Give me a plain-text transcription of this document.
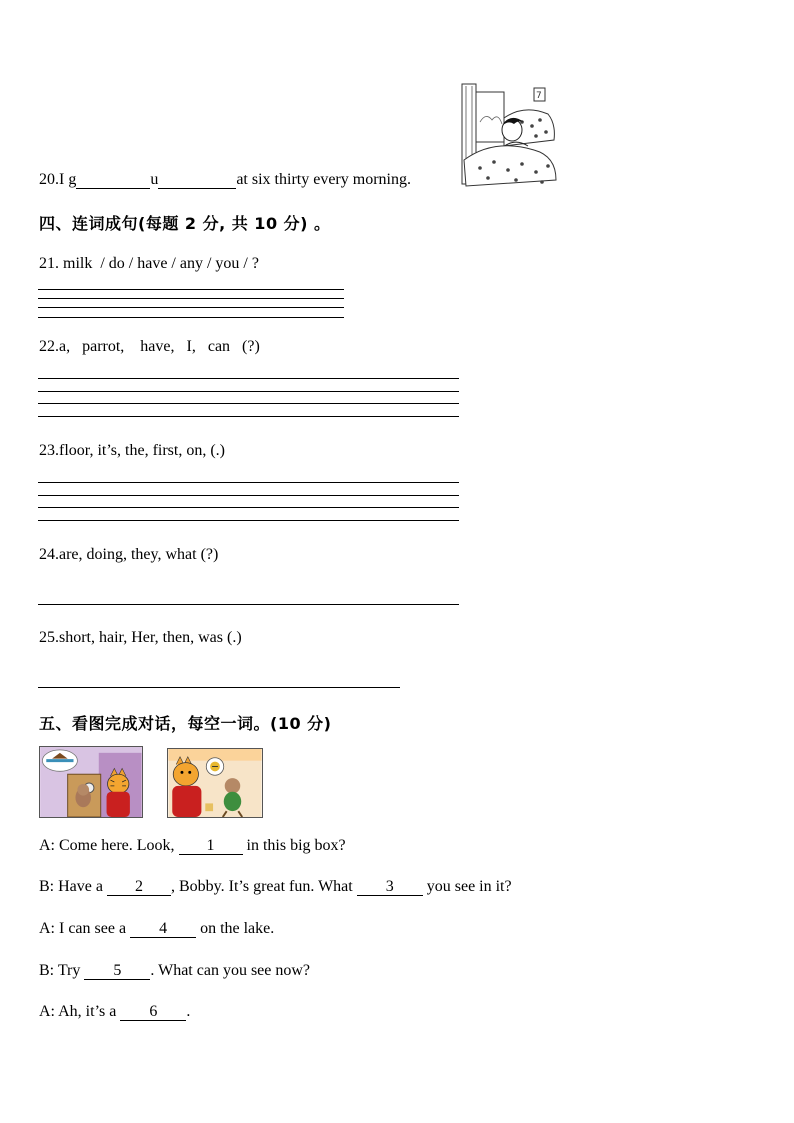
7
20.I g	u	at six thirty every morning.
四、连词成句(每题 2 分, 共 10 分) 。
21. milk  / do / have / any / you / ?
22.a,   parrot,    have,   I,   can   (?)
23.floor, it’s, the, first, on, (.)
24.are, doing, they, what (?)
25.short, hair, Her, then, was (.)
五、看图完成对话，每空一词。(10 分)
A: Come here. Look, 1 in this big box?
B: Have a 2 , Bobby. It’s great fun. What 3 you see in it?
A: I can see a 4 on the lake.
B: Try 5 . What can you see now?
A: Ah, it’s a 6 .
